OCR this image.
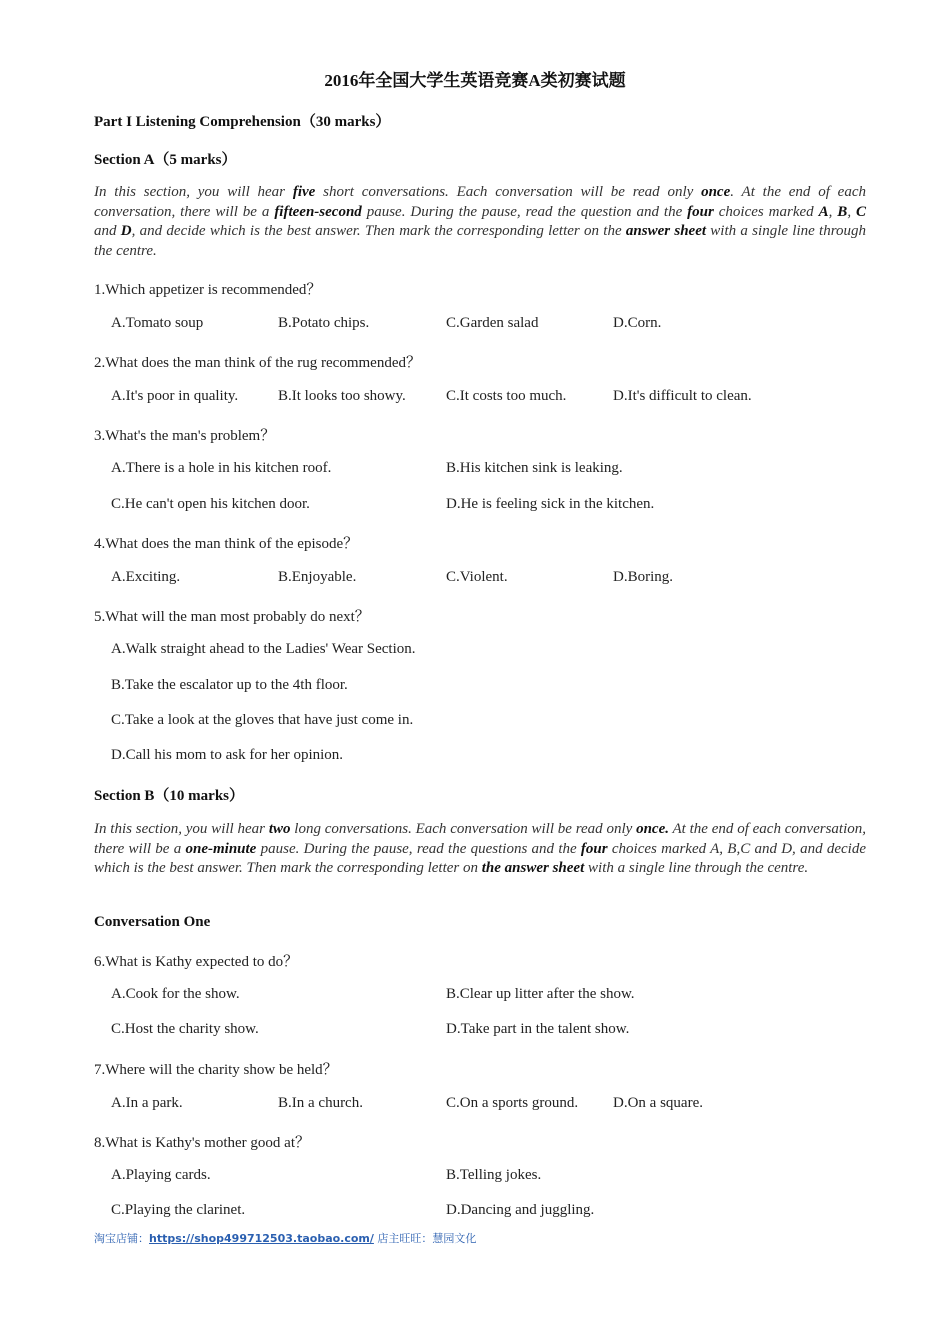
2016年全国大学生英语竞赛A类初赛试题
Part I Listening Comprehension（30 marks）
Section A（5 marks）
In this section, you will hear five short conversations. Each conversation will be read only once. At the end of each conversation, there will be a fifteen-second pause. During the pause, read the question and the four choices marked A, B, C and D, and decide which is the best answer. Then mark the corresponding letter on the answer sheet with a single line through the centre.
1.Which appetizer is recommended？
A.Tomato soup	B.Potato chips.	C.Garden salad	D.Corn.
2.What does the man think of the rug recommended？
A.It's poor in quality.	B.It looks too showy.	C.It costs too much.	D.It's difficult to clean.
3.What's the man's problem？
A.There is a hole in his kitchen roof.	B.His kitchen sink is leaking.
C.He can't open his kitchen door.	D.He is feeling sick in the kitchen.
4.What does the man think of the episode？
A.Exciting.	B.Enjoyable.	C.Violent.	D.Boring.
5.What will the man most probably do next？
A.Walk straight ahead to the Ladies' Wear Section.
B.Take the escalator up to the 4th floor.
C.Take a look at the gloves that have just come in.
D.Call his mom to ask for her opinion.
Section B（10 marks）
In this section, you will hear two long conversations. Each conversation will be read only once. At the end of each conversation, there will be a one-minute pause. During the pause, read the questions and the four choices marked A, B,C and D, and decide which is the best answer. Then mark the corresponding letter on the answer sheet with a single line through the centre.
Conversation One
6.What is Kathy expected to do？
A.Cook for the show.	B.Clear up litter after the show.
C.Host the charity show.	D.Take part in the talent show.
7.Where will the charity show be held？
A.In a park.	B.In a church.	C.On a sports ground. D.On a square.
8.What is Kathy's mother good at？
A.Playing cards.	B.Telling jokes.
C.Playing the clarinet.	D.Dancing and juggling.
淘宝店铺：https://shop499712503.taobao.com/ 店主旺旺：慧园文化
